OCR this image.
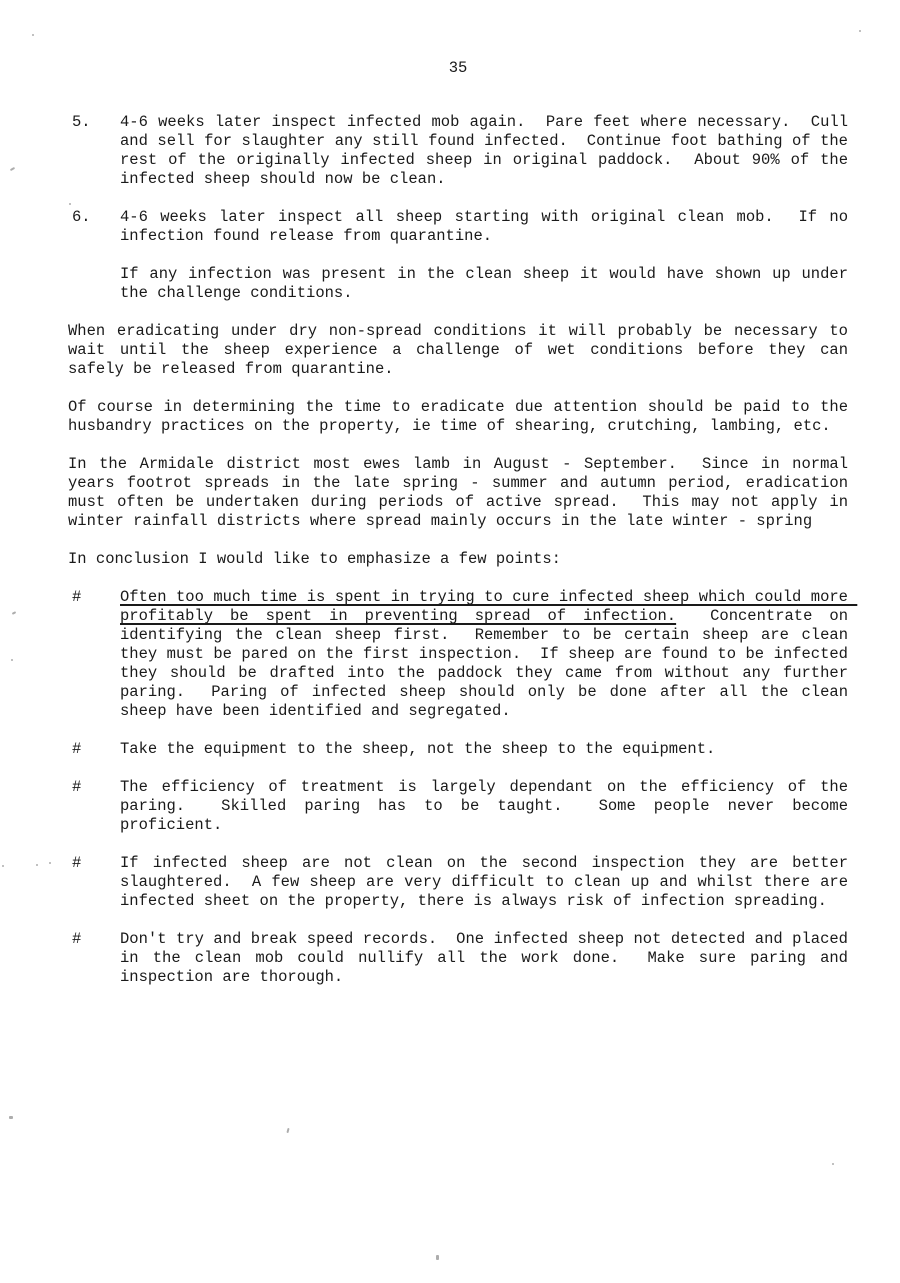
35
5.	4-6 weeks later inspect infected mob again.  Pare feet where necessary.  Cull and sell for slaughter any still found infected.  Continue foot bathing of the rest of the originally infected sheep in original paddock.  About 90% of the infected sheep should now be clean.

6.	4-6 weeks later inspect all sheep starting with original clean mob.  If no infection found release from quarantine.

If any infection was present in the clean sheep it would have shown up under the challenge conditions.

When eradicating under dry non-spread conditions it will probably be necessary to wait until the sheep experience a challenge of wet conditions before they can safely be released from quarantine.

Of course in determining the time to eradicate due attention should be paid to the husbandry practices on the property, ie time of shearing, crutching, lambing, etc.

In the Armidale district most ewes lamb in August - September.  Since in normal years footrot spreads in the late spring - summer and autumn period, eradication must often be undertaken during periods of active spread.  This may not apply in winter rainfall districts where spread mainly occurs in the late winter - spring

In conclusion I would like to emphasize a few points:

#	Often too much time is spent in trying to cure infected sheep which could more profitably be spent in preventing spread of infection.  Concentrate on identifying the clean sheep first.  Remember to be certain sheep are clean they must be pared on the first inspection.  If sheep are found to be infected they should be drafted into the paddock they came from without any further paring.  Paring of infected sheep should only be done after all the clean sheep have been identified and segregated.

#	Take the equipment to the sheep, not the sheep to the equipment.

#	The efficiency of treatment is largely dependant on the efficiency of the paring.  Skilled paring has to be taught.  Some people never become proficient.

#	If infected sheep are not clean on the second inspection they are better slaughtered.  A few sheep are very difficult to clean up and whilst there are infected sheet on the property, there is always risk of infection spreading.

#	Don't try and break speed records.  One infected sheep not detected and placed in the clean mob could nullify all the work done.  Make sure paring and inspection are thorough.
